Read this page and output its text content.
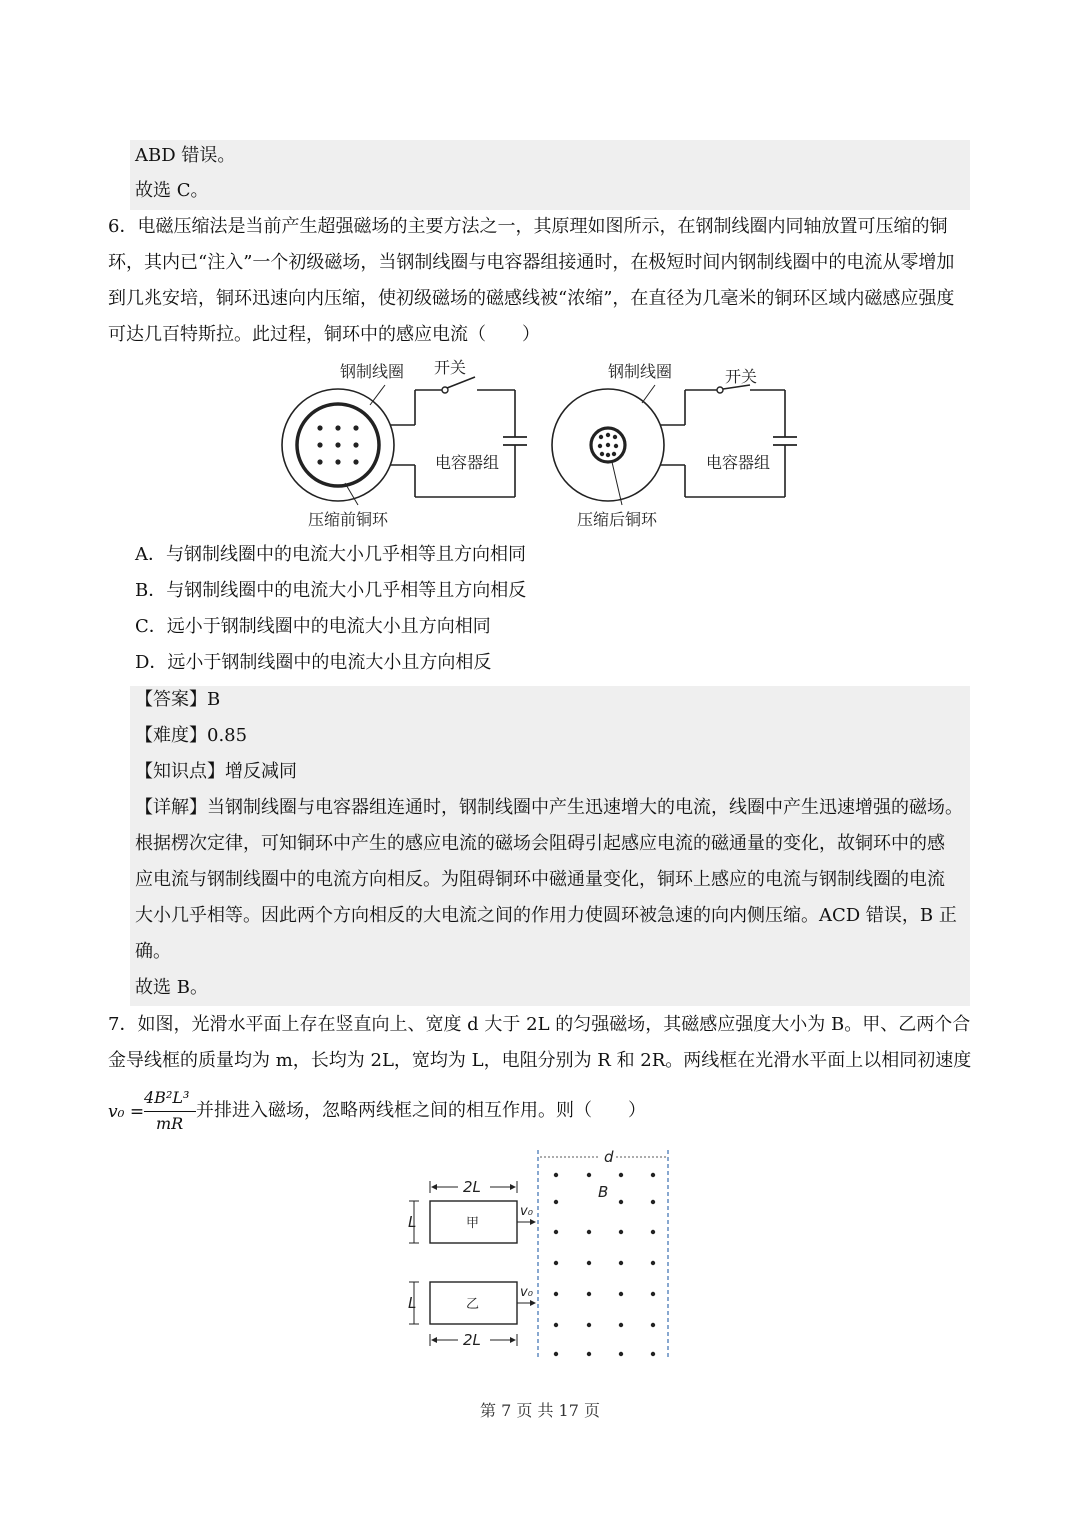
ABD 错误。
故选 C。
6．电磁压缩法是当前产生超强磁场的主要方法之一，其原理如图所示，在钢制线圈内同轴放置可压缩的铜
环，其内已“注入”一个初级磁场，当钢制线圈与电容器组接通时，在极短时间内钢制线圈中的电流从零增加
到几兆安培，铜环迅速向内压缩，使初级磁场的磁感线被“浓缩”，在直径为几毫米的铜环区域内磁感应强度
可达几百特斯拉。此过程，铜环中的感应电流（　　）
钢制线圈 开关
电容器组
压缩前铜环
钢制线圈	开关
电容器组
压缩后铜环
A．与钢制线圈中的电流大小几乎相等且方向相同
B．与钢制线圈中的电流大小几乎相等且方向相反
C．远小于钢制线圈中的电流大小且方向相同
D．远小于钢制线圈中的电流大小且方向相反
【答案】B
【难度】0.85
【知识点】增反减同
【详解】当钢制线圈与电容器组连通时，钢制线圈中产生迅速增大的电流，线圈中产生迅速增强的磁场。
根据楞次定律，可知铜环中产生的感应电流的磁场会阻碍引起感应电流的磁通量的变化，故铜环中的感
应电流与钢制线圈中的电流方向相反。为阻碍铜环中磁通量变化，铜环上感应的电流与钢制线圈的电流
大小几乎相等。因此两个方向相反的大电流之间的作用力使圆环被急速的向内侧压缩。ACD 错误，B 正
确。
故选 B。
7．如图，光滑水平面上存在竖直向上、宽度 d 大于 2L 的匀强磁场，其磁感应强度大小为 B。甲、乙两个合
金导线框的质量均为 m，长均为 2L，宽均为 L，电阻分别为 R 和 2R。两线框在光滑水平面上以相同初速度
v₀ =
4B²L³
mR
并排进入磁场，忽略两线框之间的相互作用。则（　　）
d
B
2L
甲
L
v₀
乙
L
v₀
2L
第 7 页 共 17 页
